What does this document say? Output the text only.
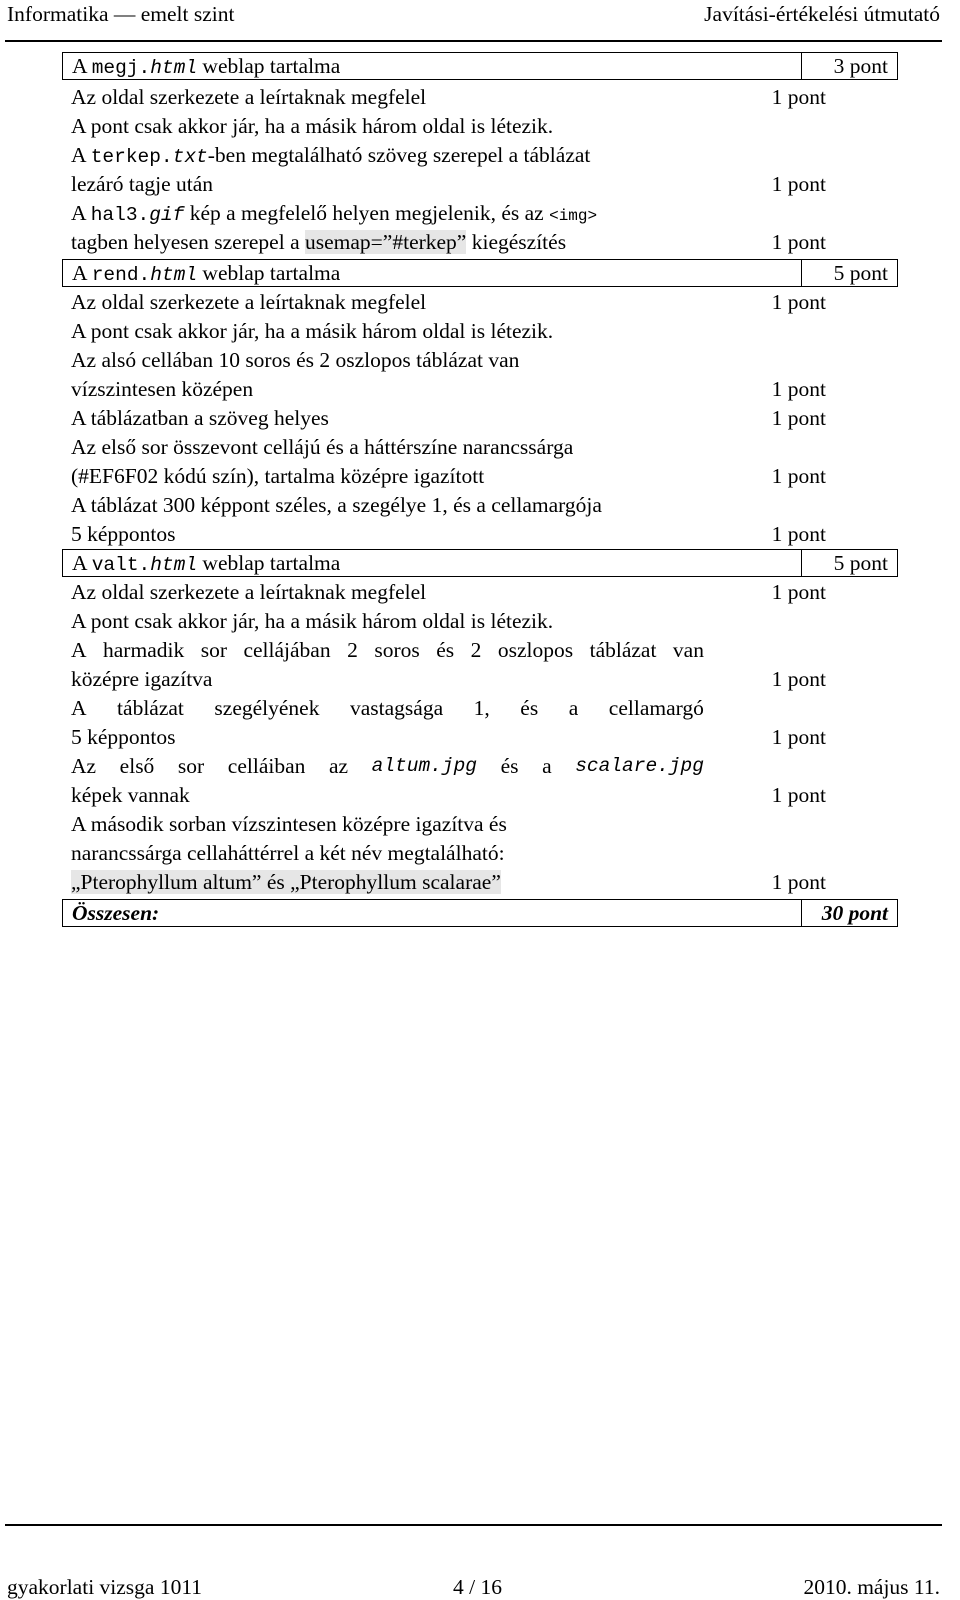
Informatika — emelt szint	Javítási-értékelési útmutató
A megj.html weblap tartalma	3 pont
Az oldal szerkezete a leírtaknak megfelel	1 pont
A pont csak akkor jár, ha a másik három oldal is létezik.
A terkep.txt-ben megtalálható szöveg szerepel a táblázat
lezáró tagje után	1 pont
A hal3.gif kép a megfelelő helyen megjelenik, és az <img>
tagben helyesen szerepel a usemap=”#terkep” kiegészítés	1 pont
A rend.html weblap tartalma	5 pont
Az oldal szerkezete a leírtaknak megfelel	1 pont
A pont csak akkor jár, ha a másik három oldal is létezik.
Az alsó cellában 10 soros és 2 oszlopos táblázat van
vízszintesen középen	1 pont
A táblázatban a szöveg helyes	1 pont
Az első sor összevont cellájú és a háttérszíne narancssárga
(#EF6F02 kódú szín), tartalma középre igazított	1 pont
A táblázat 300 képpont széles, a szegélye 1, és a cellamargója
5 képpontos	1 pont
A valt.html weblap tartalma	5 pont
Az oldal szerkezete a leírtaknak megfelel	1 pont
A pont csak akkor jár, ha a másik három oldal is létezik.
A harmadik sor cellájában 2 soros és 2 oszlopos táblázat van
középre igazítva	1 pont
A táblázat szegélyének vastagsága 1, és a cellamargó
5 képpontos	1 pont
Az első sor celláiban az altum.jpg és a scalare.jpg
képek vannak	1 pont
A második sorban vízszintesen középre igazítva és
narancssárga cellaháttérrel a két név megtalálható:
„Pterophyllum altum” és „Pterophyllum scalarae”	1 pont
Összesen:	30 pont
gyakorlati vizsga 1011	4 / 16	2010. május 11.
